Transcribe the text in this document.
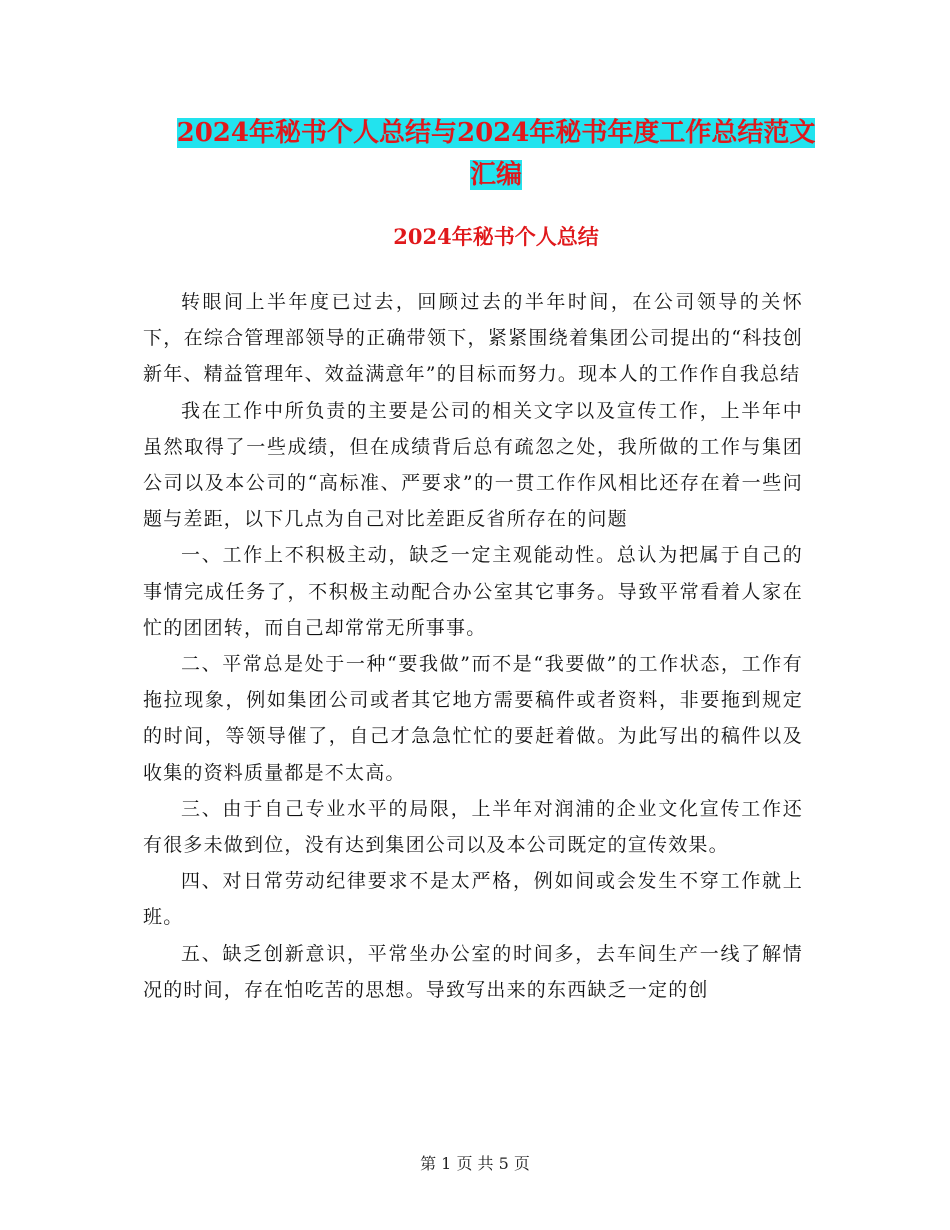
2024年秘书个人总结与2024年秘书年度工作总结范文
汇编
2024年秘书个人总结

转眼间上半年度已过去，回顾过去的半年时间，在公司领导的关怀下，在综合管理部领导的正确带领下，紧紧围绕着集团公司提出的“科技创新年、精益管理年、效益满意年”的目标而努力。现本人的工作作自我总结

我在工作中所负责的主要是公司的相关文字以及宣传工作，上半年中虽然取得了一些成绩，但在成绩背后总有疏忽之处，我所做的工作与集团公司以及本公司的“高标准、严要求”的一贯工作作风相比还存在着一些问题与差距，以下几点为自己对比差距反省所存在的问题

一、工作上不积极主动，缺乏一定主观能动性。总认为把属于自己的事情完成任务了，不积极主动配合办公室其它事务。导致平常看着人家在忙的团团转，而自己却常常无所事事。

二、平常总是处于一种“要我做”而不是“我要做”的工作状态，工作有拖拉现象，例如集团公司或者其它地方需要稿件或者资料，非要拖到规定的时间，等领导催了，自己才急急忙忙的要赶着做。为此写出的稿件以及收集的资料质量都是不太高。

三、由于自己专业水平的局限，上半年对润浦的企业文化宣传工作还有很多未做到位，没有达到集团公司以及本公司既定的宣传效果。

四、对日常劳动纪律要求不是太严格，例如间或会发生不穿工作就上班。

五、缺乏创新意识，平常坐办公室的时间多，去车间生产一线了解情况的时间，存在怕吃苦的思想。导致写出来的东西缺乏一定的创

第 1 页 共 5 页
